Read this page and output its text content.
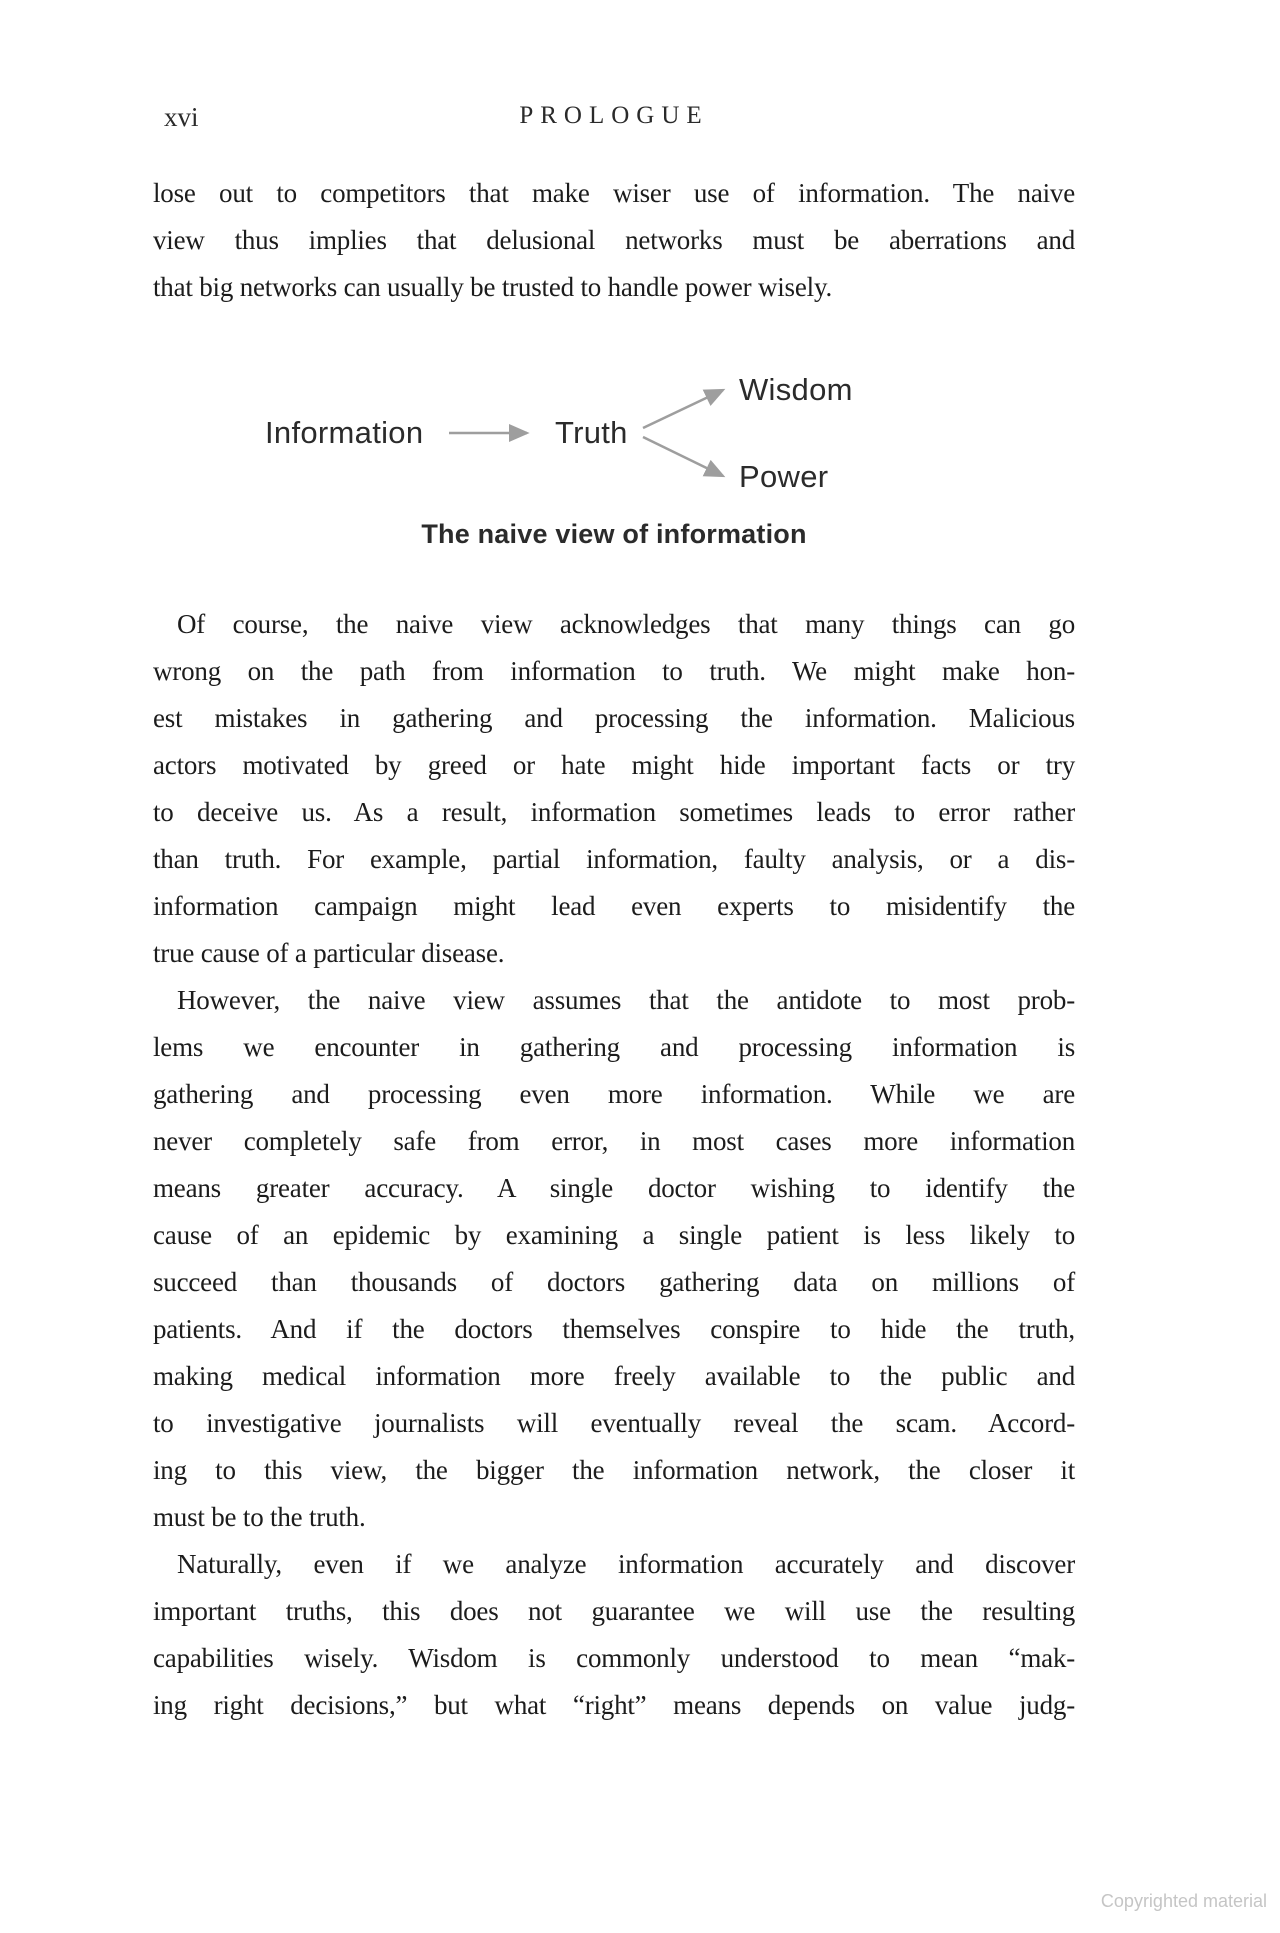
xvi	PROLOGUE
lose out to competitors that make wiser use of information. The naive
view thus implies that delusional networks must be aberrations and
that big networks can usually be trusted to handle power wisely.
Information	Truth
Wisdom
Power
The naive view of information
Of course, the naive view acknowledges that many things can go
wrong on the path from information to truth. We might make hon-
est mistakes in gathering and processing the information. Malicious
actors motivated by greed or hate might hide important facts or try
to deceive us. As a result, information sometimes leads to error rather
than truth. For example, partial information, faulty analysis, or a dis-
information campaign might lead even experts to misidentify the
true cause of a particular disease.
However, the naive view assumes that the antidote to most prob-
lems we encounter in gathering and processing information is
gathering and processing even more information. While we are
never completely safe from error, in most cases more information
means greater accuracy. A single doctor wishing to identify the
cause of an epidemic by examining a single patient is less likely to
succeed than thousands of doctors gathering data on millions of
patients. And if the doctors themselves conspire to hide the truth,
making medical information more freely available to the public and
to investigative journalists will eventually reveal the scam. Accord-
ing to this view, the bigger the information network, the closer it
must be to the truth.
Naturally, even if we analyze information accurately and discover
important truths, this does not guarantee we will use the resulting
capabilities wisely. Wisdom is commonly understood to mean “mak-
ing right decisions,” but what “right” means depends on value judg-
Copyrighted material
